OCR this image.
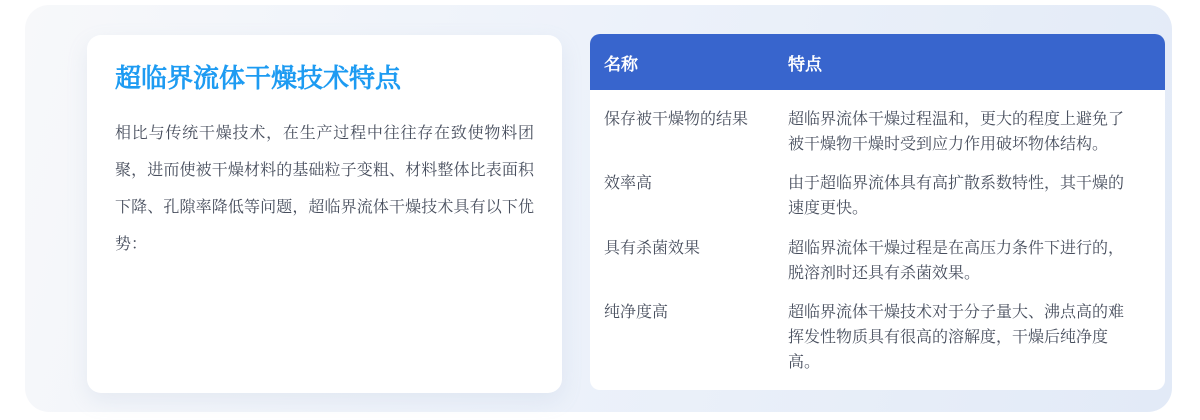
超临界流体干燥技术特点
相比与传统干燥技术，在生产过程中往往存在致使物料团聚，进而使被干燥材料的基础粒子变粗、材料整体比表面积下降、孔隙率降低等问题，超临界流体干燥技术具有以下优势：
名称	特点
保存被干燥物的结果	超临界流体干燥过程温和，更大的程度上避免了被干燥物干燥时受到应力作用破坏物体结构。
效率高	由于超临界流体具有高扩散系数特性，其干燥的速度更快。
具有杀菌效果	超临界流体干燥过程是在高压力条件下进行的，脱溶剂时还具有杀菌效果。
纯净度高	超临界流体干燥技术对于分子量大、沸点高的难挥发性物质具有很高的溶解度，干燥后纯净度高。
